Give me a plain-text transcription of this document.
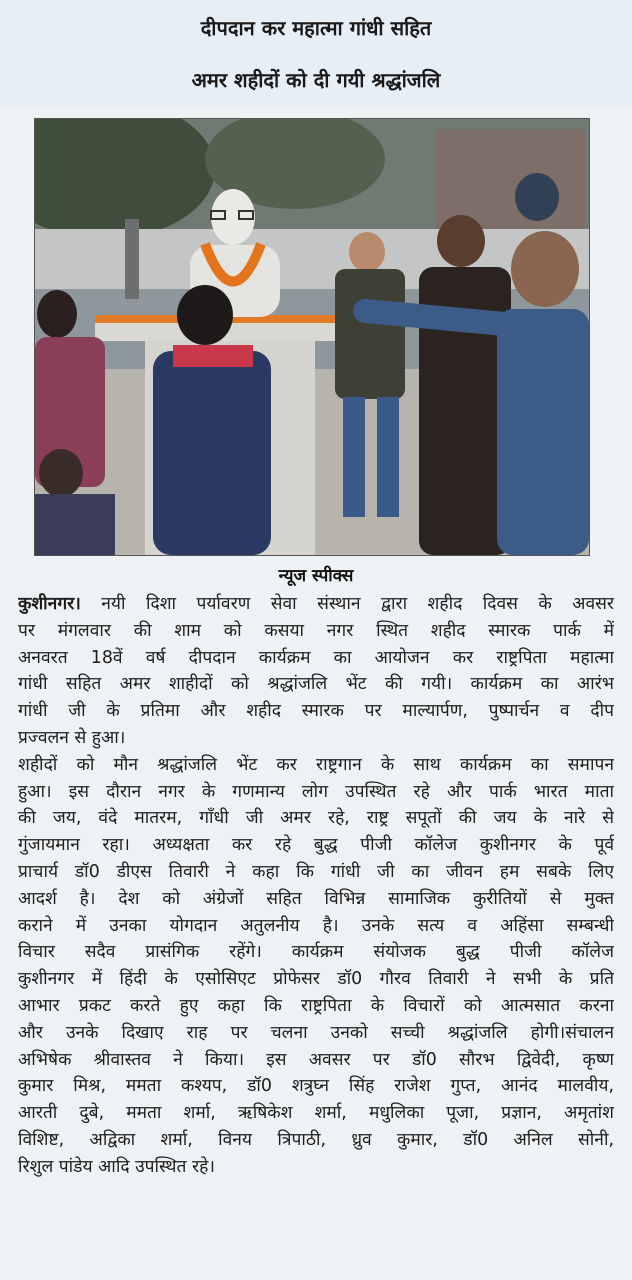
दीपदान कर महात्मा गांधी सहित
अमर शहीदों को दी गयी श्रद्धांजलि
न्यूज स्पीक्स
कुशीनगर। नयी दिशा पर्यावरण सेवा संस्थान द्वारा शहीद दिवस के अवसर
पर मंगलवार की शाम को कसया नगर स्थित शहीद स्मारक पार्क में
अनवरत 18वें वर्ष दीपदान कार्यक्रम का आयोजन कर राष्ट्रपिता महात्मा
गांधी सहित अमर शाहीदों को श्रद्धांजलि भेंट की गयी। कार्यक्रम का आरंभ
गांधी जी के प्रतिमा और शहीद स्मारक पर माल्यार्पण, पुष्पार्चन व दीप
प्रज्वलन से हुआ।
शहीदों को मौन श्रद्धांजलि भेंट कर राष्ट्रगान के साथ कार्यक्रम का समापन
हुआ। इस दौरान नगर के गणमान्य लोग उपस्थित रहे और पार्क भारत माता
की जय, वंदे मातरम, गाँधी जी अमर रहे, राष्ट्र सपूतों की जय के नारे से
गुंजायमान रहा। अध्यक्षता कर रहे बुद्ध पीजी कॉलेज कुशीनगर के पूर्व
प्राचार्य डॉ0 डीएस तिवारी ने कहा कि गांधी जी का जीवन हम सबके लिए
आदर्श है। देश को अंग्रेजों सहित विभिन्न सामाजिक कुरीतियों से मुक्त
कराने में उनका योगदान अतुलनीय है। उनके सत्य व अहिंसा सम्बन्धी
विचार सदैव प्रासंगिक रहेंगे। कार्यक्रम संयोजक बुद्ध पीजी कॉलेज
कुशीनगर में हिंदी के एसोसिएट प्रोफेसर डॉ0 गौरव तिवारी ने सभी के प्रति
आभार प्रकट करते हुए कहा कि राष्ट्रपिता के विचारों को आत्मसात करना
और उनके दिखाए राह पर चलना उनको सच्ची श्रद्धांजलि होगी।संचालन
अभिषेक श्रीवास्तव ने किया। इस अवसर पर डॉ0 सौरभ द्विवेदी, कृष्ण
कुमार मिश्र, ममता कश्यप, डॉ0 शत्रुघ्न सिंह राजेश गुप्त, आनंद मालवीय,
आरती दुबे, ममता शर्मा, ऋषिकेश शर्मा, मधुलिका पूजा, प्रज्ञान, अमृतांश
विशिष्ट, अद्विका शर्मा, विनय त्रिपाठी, ध्रुव कुमार, डॉ0 अनिल सोनी,
रिशुल पांडेय आदि उपस्थित रहे।
